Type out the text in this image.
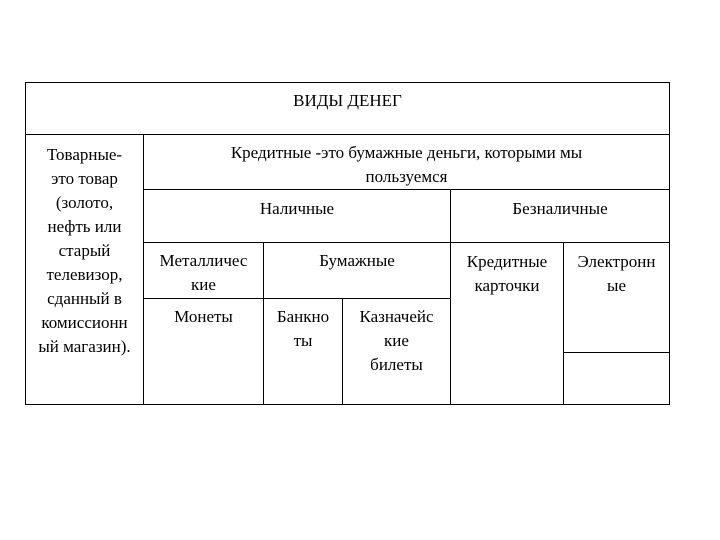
ВИДЫ ДЕНЕГ
Товарные-
это товар
(золото,
нефть или
старый
телевизор,
сданный в
комиссионн
ый магазин).
Кредитные -это бумажные деньги, которыми мы
пользуемся
Наличные	Безналичные
Металличес
кие
Монеты
Бумажные
Банкно
ты
Казначейс
кие
билеты
Кредитные
карточки
Электронн
ые
